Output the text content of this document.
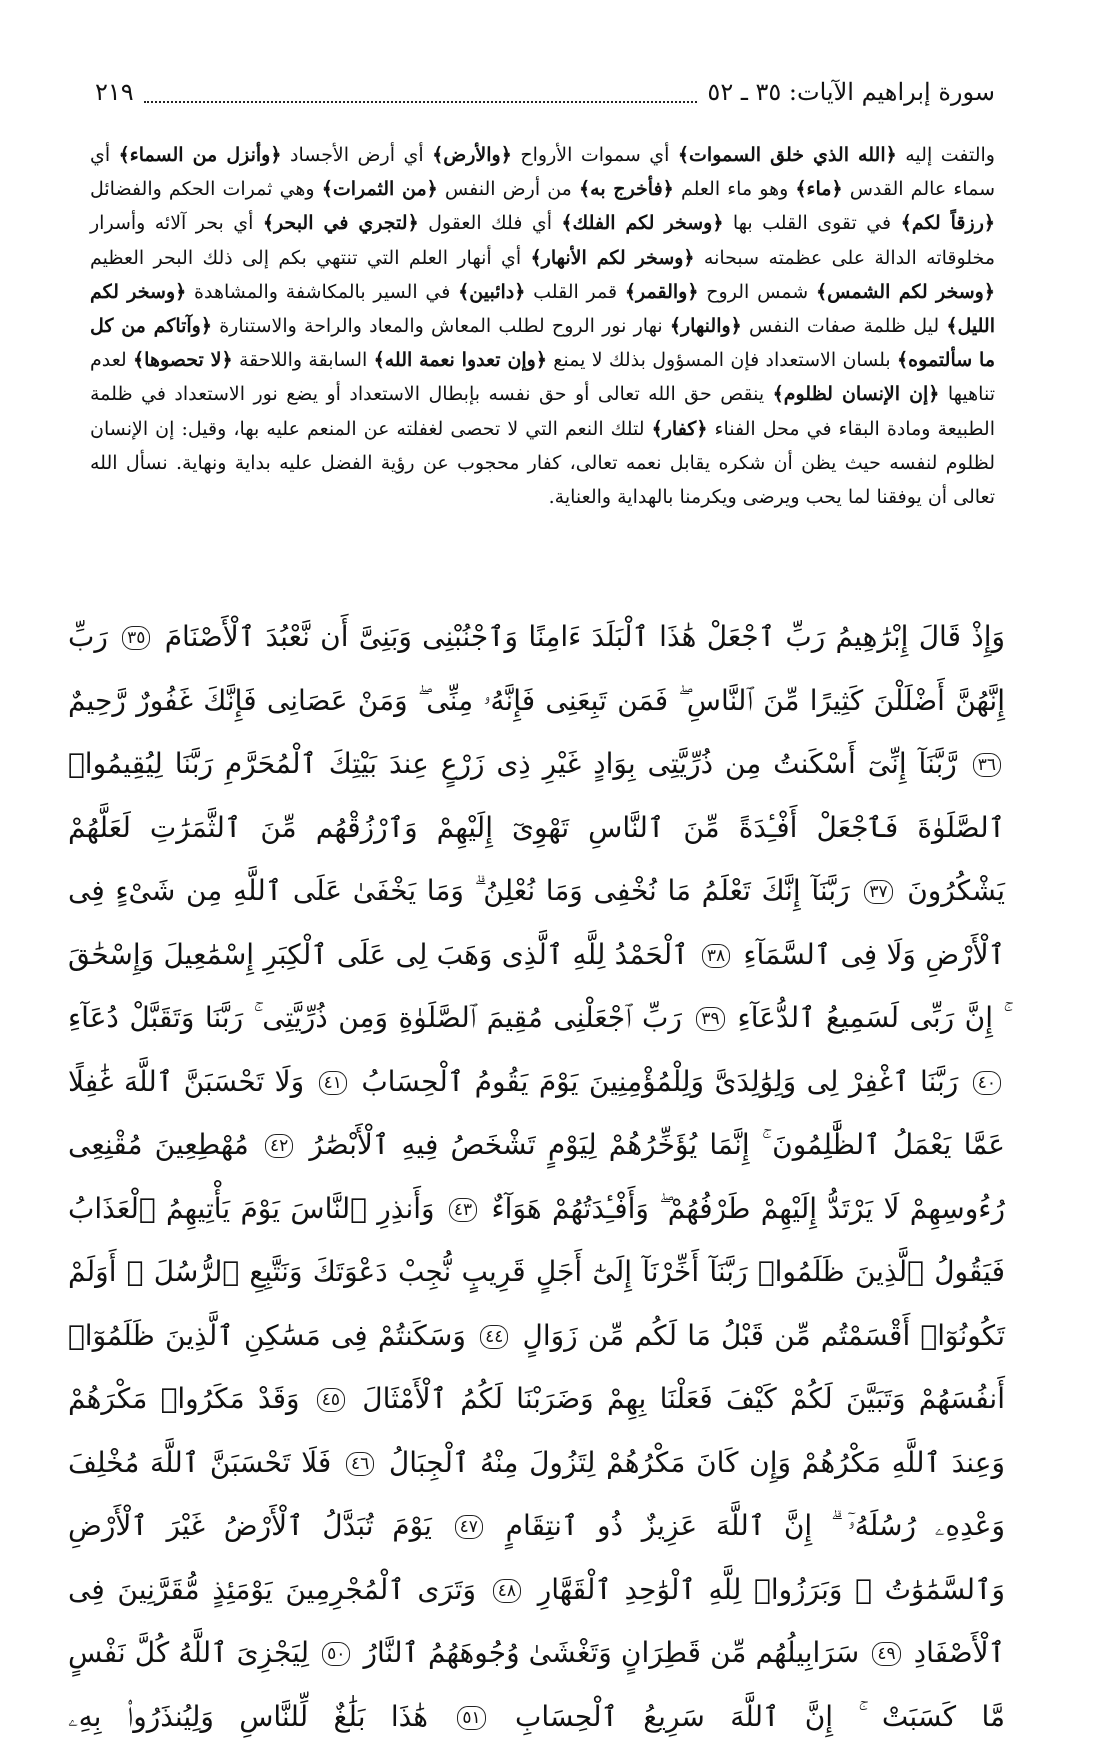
سورة إبراهيم الآيات: ٣٥ ـ ٥٢
٢١٩
والتفت إليه ﴿الله الذي خلق السموات﴾ أي سموات الأرواح ﴿والأرض﴾ أي أرض الأجساد ﴿وأنزل من السماء﴾ أي سماء عالم القدس ﴿ماء﴾ وهو ماء العلم ﴿فأخرج به﴾ من أرض النفس ﴿من الثمرات﴾ وهي ثمرات الحكم والفضائل ﴿رزقاً لكم﴾ في تقوى القلب بها ﴿وسخر لكم الفلك﴾ أي فلك العقول ﴿لتجري في البحر﴾ أي بحر آلائه وأسرار مخلوقاته الدالة على عظمته سبحانه ﴿وسخر لكم الأنهار﴾ أي أنهار العلم التي تنتهي بكم إلى ذلك البحر العظيم ﴿وسخر لكم الشمس﴾ شمس الروح ﴿والقمر﴾ قمر القلب ﴿دائبين﴾ في السير بالمكاشفة والمشاهدة ﴿وسخر لكم الليل﴾ ليل ظلمة صفات النفس ﴿والنهار﴾ نهار نور الروح لطلب المعاش والمعاد والراحة والاستنارة ﴿وآتاكم من كل ما سألتموه﴾ بلسان الاستعداد فإن المسؤول بذلك لا يمنع ﴿وإن تعدوا نعمة الله﴾ السابقة واللاحقة ﴿لا تحصوها﴾ لعدم تناهيها ﴿إن الإنسان لظلوم﴾ ينقص حق الله تعالى أو حق نفسه بإبطال الاستعداد أو يضع نور الاستعداد في ظلمة الطبيعة ومادة البقاء في محل الفناء ﴿كفار﴾ لتلك النعم التي لا تحصى لغفلته عن المنعم عليه بها، وقيل: إن الإنسان لظلوم لنفسه حيث يظن أن شكره يقابل نعمه تعالى، كفار محجوب عن رؤية الفضل عليه بداية ونهاية. نسأل الله تعالى أن يوفقنا لما يحب ويرضى ويكرمنا بالهداية والعناية.
وَإِذْ قَالَ إِبْرَٰهِيمُ رَبِّ ٱجْعَلْ هَٰذَا ٱلْبَلَدَ ءَامِنًا وَٱجْنُبْنِى وَبَنِىَّ أَن نَّعْبُدَ ٱلْأَصْنَامَ ٣٥ رَبِّ إِنَّهُنَّ أَضْلَلْنَ كَثِيرًا مِّنَ ٱلنَّاسِ ۖ فَمَن تَبِعَنِى فَإِنَّهُۥ مِنِّى ۖ وَمَنْ عَصَانِى فَإِنَّكَ غَفُورٌ رَّحِيمٌ ٣٦ رَّبَّنَآ إِنِّىٓ أَسْكَنتُ مِن ذُرِّيَّتِى بِوَادٍ غَيْرِ ذِى زَرْعٍ عِندَ بَيْتِكَ ٱلْمُحَرَّمِ رَبَّنَا لِيُقِيمُوا۟ ٱلصَّلَوٰةَ فَٱجْعَلْ أَفْـِٔدَةً مِّنَ ٱلنَّاسِ تَهْوِىٓ إِلَيْهِمْ وَٱرْزُقْهُم مِّنَ ٱلثَّمَرَٰتِ لَعَلَّهُمْ يَشْكُرُونَ ٣٧ رَبَّنَآ إِنَّكَ تَعْلَمُ مَا نُخْفِى وَمَا نُعْلِنُ ۗ وَمَا يَخْفَىٰ عَلَى ٱللَّهِ مِن شَىْءٍ فِى ٱلْأَرْضِ وَلَا فِى ٱلسَّمَآءِ ٣٨ ٱلْحَمْدُ لِلَّهِ ٱلَّذِى وَهَبَ لِى عَلَى ٱلْكِبَرِ إِسْمَٰعِيلَ وَإِسْحَٰقَ ۚ إِنَّ رَبِّى لَسَمِيعُ ٱلدُّعَآءِ ٣٩ رَبِّ ٱجْعَلْنِى مُقِيمَ ٱلصَّلَوٰةِ وَمِن ذُرِّيَّتِى ۚ رَبَّنَا وَتَقَبَّلْ دُعَآءِ ٤٠ رَبَّنَا ٱغْفِرْ لِى وَلِوَٰلِدَىَّ وَلِلْمُؤْمِنِينَ يَوْمَ يَقُومُ ٱلْحِسَابُ ٤١ وَلَا تَحْسَبَنَّ ٱللَّهَ غَٰفِلًا عَمَّا يَعْمَلُ ٱلظَّٰلِمُونَ ۚ إِنَّمَا يُؤَخِّرُهُمْ لِيَوْمٍ تَشْخَصُ فِيهِ ٱلْأَبْصَٰرُ ٤٢ مُهْطِعِينَ مُقْنِعِى رُءُوسِهِمْ لَا يَرْتَدُّ إِلَيْهِمْ طَرْفُهُمْ ۖ وَأَفْـِٔدَتُهُمْ هَوَآءٌ ٤٣ وَأَنذِرِ ٱلنَّاسَ يَوْمَ يَأْتِيهِمُ ٱلْعَذَابُ فَيَقُولُ ٱلَّذِينَ ظَلَمُوا۟ رَبَّنَآ أَخِّرْنَآ إِلَىٰٓ أَجَلٍ قَرِيبٍ نُّجِبْ دَعْوَتَكَ وَنَتَّبِعِ ٱلرُّسُلَ ۗ أَوَلَمْ تَكُونُوٓا۟ أَقْسَمْتُم مِّن قَبْلُ مَا لَكُم مِّن زَوَالٍ ٤٤ وَسَكَنتُمْ فِى مَسَٰكِنِ ٱلَّذِينَ ظَلَمُوٓا۟ أَنفُسَهُمْ وَتَبَيَّنَ لَكُمْ كَيْفَ فَعَلْنَا بِهِمْ وَضَرَبْنَا لَكُمُ ٱلْأَمْثَالَ ٤٥ وَقَدْ مَكَرُوا۟ مَكْرَهُمْ وَعِندَ ٱللَّهِ مَكْرُهُمْ وَإِن كَانَ مَكْرُهُمْ لِتَزُولَ مِنْهُ ٱلْجِبَالُ ٤٦ فَلَا تَحْسَبَنَّ ٱللَّهَ مُخْلِفَ وَعْدِهِۦ رُسُلَهُۥٓ ۗ إِنَّ ٱللَّهَ عَزِيزٌ ذُو ٱنتِقَامٍ ٤٧ يَوْمَ تُبَدَّلُ ٱلْأَرْضُ غَيْرَ ٱلْأَرْضِ وَٱلسَّمَٰوَٰتُ ۖ وَبَرَزُوا۟ لِلَّهِ ٱلْوَٰحِدِ ٱلْقَهَّارِ ٤٨ وَتَرَى ٱلْمُجْرِمِينَ يَوْمَئِذٍ مُّقَرَّنِينَ فِى ٱلْأَصْفَادِ ٤٩ سَرَابِيلُهُم مِّن قَطِرَانٍ وَتَغْشَىٰ وُجُوهَهُمُ ٱلنَّارُ ٥٠ لِيَجْزِىَ ٱللَّهُ كُلَّ نَفْسٍ مَّا كَسَبَتْ ۚ إِنَّ ٱللَّهَ سَرِيعُ ٱلْحِسَابِ ٥١ هَٰذَا بَلَٰغٌ لِّلنَّاسِ وَلِيُنذَرُوا۟ بِهِۦ
